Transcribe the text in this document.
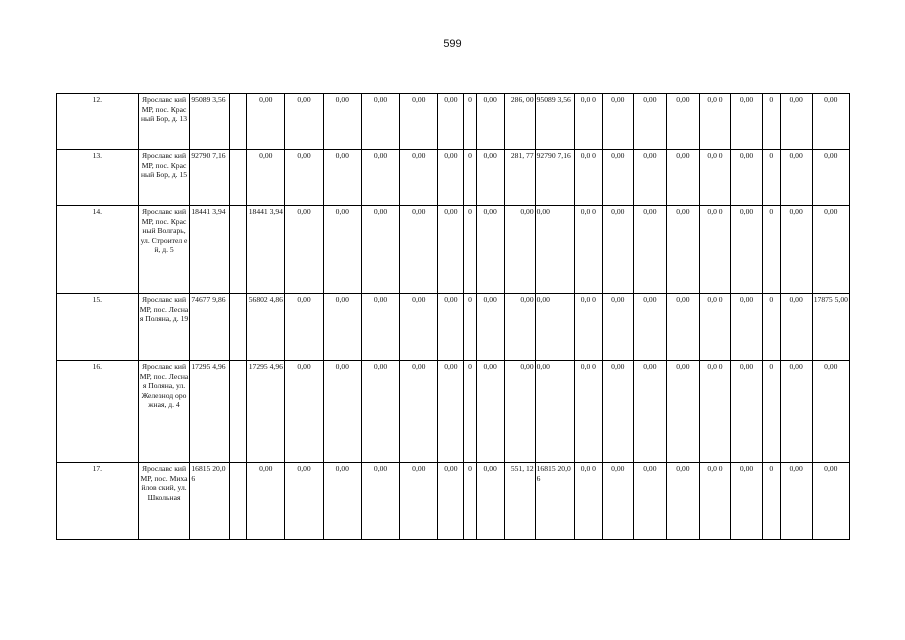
599
12.	Ярославс кий МР, пос. Красный Бор, д. 13	95089 3,56		0,00	0,00	0,00	0,00	0,00	0,00	0	0,00	286, 00	95089 3,56	0,0 0	0,00	0,00	0,00	0,0 0	0,00	0	0,00	0,00
13.	Ярославс кий МР, пос. Красный Бор, д. 15	92790 7,16		0,00	0,00	0,00	0,00	0,00	0,00	0	0,00	281, 77	92790 7,16	0,0 0	0,00	0,00	0,00	0,0 0	0,00	0	0,00	0,00
14.	Ярославс кий МР, пос. Красный Волгарь, ул. Строител ей, д. 5	18441 3,94		18441 3,94	0,00	0,00	0,00	0,00	0,00	0	0,00	0,00	0,00	0,0 0	0,00	0,00	0,00	0,0 0	0,00	0	0,00	0,00
15.	Ярославс кий МР, пос. Лесная Поляна, д. 19	74677 9,86		56802 4,86	0,00	0,00	0,00	0,00	0,00	0	0,00	0,00	0,00	0,0 0	0,00	0,00	0,00	0,0 0	0,00	0	0,00	17875 5,00
16.	Ярославс кий МР, пос. Лесная Поляна, ул. Железнод орожная, д. 4	17295 4,96		17295 4,96	0,00	0,00	0,00	0,00	0,00	0	0,00	0,00	0,00	0,0 0	0,00	0,00	0,00	0,0 0	0,00	0	0,00	0,00
17.	Ярославс кий МР, пос. Михайлов ский, ул. Школьная	16815 20,06		0,00	0,00	0,00	0,00	0,00	0,00	0	0,00	551, 12	16815 20,06	0,0 0	0,00	0,00	0,00	0,0 0	0,00	0	0,00	0,00
